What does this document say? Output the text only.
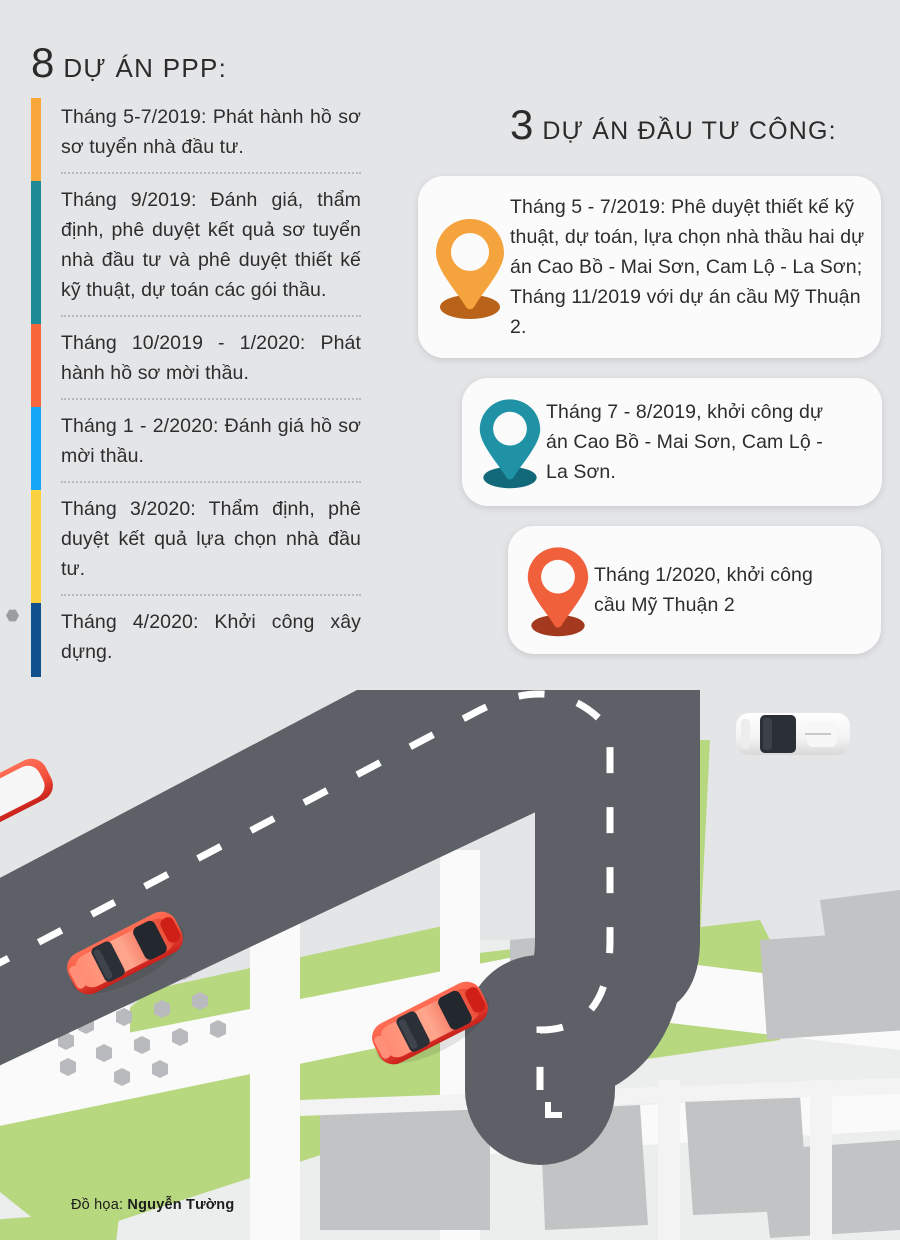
8 DỰ ÁN PPP:
3 DỰ ÁN ĐẦU TƯ CÔNG:
Tháng 5-7/2019: Phát hành hồ sơ sơ tuyển nhà đầu tư.
Tháng 9/2019: Đánh giá, thẩm định, phê duyệt kết quả sơ tuyển nhà đầu tư và phê duyệt thiết kế kỹ thuật, dự toán các gói thầu.
Tháng 10/2019 - 1/2020: Phát hành hồ sơ mời thầu.
Tháng 1 - 2/2020: Đánh giá hồ sơ mời thầu.
Tháng 3/2020: Thẩm định, phê duyệt kết quả lựa chọn nhà đầu tư.
Tháng 4/2020: Khởi công xây dựng.
Tháng 5 - 7/2019: Phê duyệt thiết kế kỹ thuật, dự toán, lựa chọn nhà thầu hai dự án Cao Bồ - Mai Sơn, Cam Lộ - La Sơn; Tháng 11/2019 với dự án cầu Mỹ Thuận 2.
Tháng 7 - 8/2019, khởi công dự án Cao Bồ - Mai Sơn, Cam Lộ - La Sơn.
Tháng 1/2020, khởi công cầu Mỹ Thuận 2
Đồ họa: Nguyễn Tường
